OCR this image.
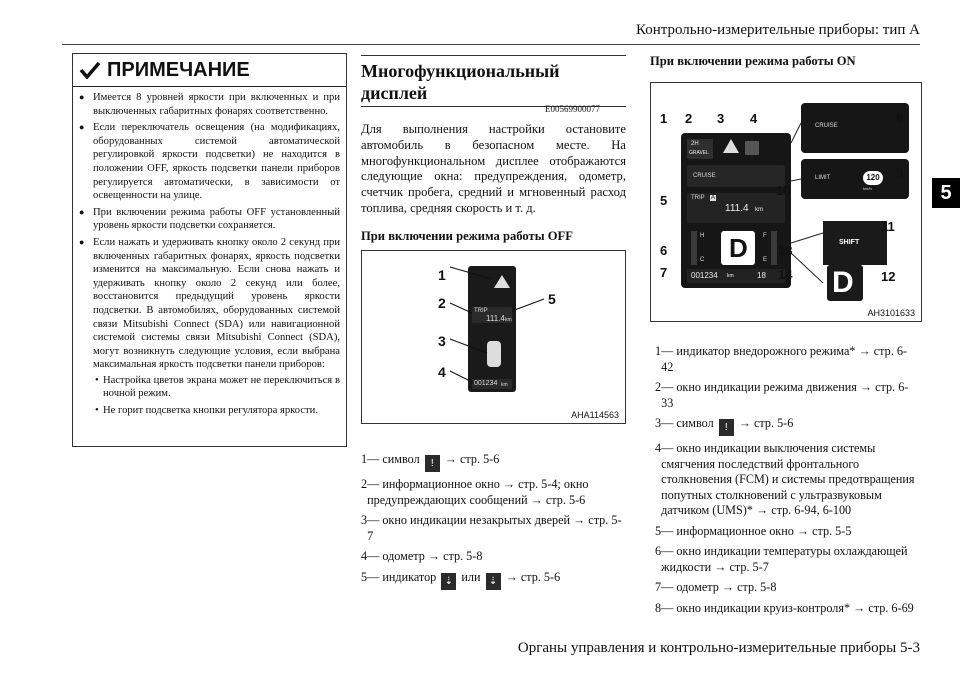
Контрольно-измерительные приборы: тип А
5
ПРИМЕЧАНИЕ
● Имеется 8 уровней яркости при включенных и при выключенных габаритных фонарях соответственно.
● Если переключатель освещения (на модификациях, оборудованных системой автоматической регулировкой яркости подсветки) не находится в положении OFF, яркость подсветки панели приборов регулируется автоматически, в зависимости от освещенности на улице.
● При включении режима работы OFF установленный уровень яркости подсветки сохраняется.
● Если нажать и удерживать кнопку около 2 секунд при включенных габаритных фонарях, яркость подсветки изменится на максимальную. Если снова нажать и удерживать кнопку около 2 секунд или более, восстановится предыдущий уровень яркости подсветки. В автомобилях, оборудованных системой связи Mitsubishi Connect (SDA) или навигационной системой системы связи Mitsubishi Connect (SDA), могут возникнуть следующие условия, если выбрана максимальная яркость подсветки панели приборов:
• Настройка цветов экрана может не переключиться в ночной режим.
• Не горит подсветка кнопки регулятора яркости.
Многофункциональный дисплей
E00569900077
Для выполнения настройки остановите автомобиль в безопасном месте. На многофункциональном дисплее отображаются следующие окна: предупреждения, одометр, счетчик пробега, средний и мгновенный расход топлива, средняя скорость и т. д.
При включении режима работы OFF
1
2
3
4
5
TRIP
111.4 km
001234 km
AHA114563
1 — символ ! → стр. 5-6
2 — информационное окно → стр. 5-4; окно предупреждающих сообщений → стр. 5-6
3 — окно индикации незакрытых дверей → стр. 5-7
4 — одометр → стр. 5-8
5 — индикатор ⇣ или ⇣ → стр. 5-6
При включении режима работы ON
1 2 3 4
5
6
7
8
9
10
11
12
13
14
2H
GRAVEL
CRUISE
TRIP A
111.4 km
D
H
C
F
E
001234 km	18
CRUISE
LIMIT	120
km/h
SHIFT
D
AH3101633
1 — индикатор внедорожного режима* → стр. 6-42
2 — окно индикации режима движения → стр. 6-33
3 — символ ! → стр. 5-6
4 — окно индикации выключения системы смягчения последствий фронтального столкновения (FCM) и системы предотвращения попутных столкновений с ультразвуковым датчиком (UMS)* → стр. 6-94, 6-100
5 — информационное окно → стр. 5-5
6 — окно индикации температуры охлаждающей жидкости → стр. 5-7
7 — одометр → стр. 5-8
8 — окно индикации круиз-контроля* → стр. 6-69
Органы управления и контрольно-измерительные приборы 5-3
